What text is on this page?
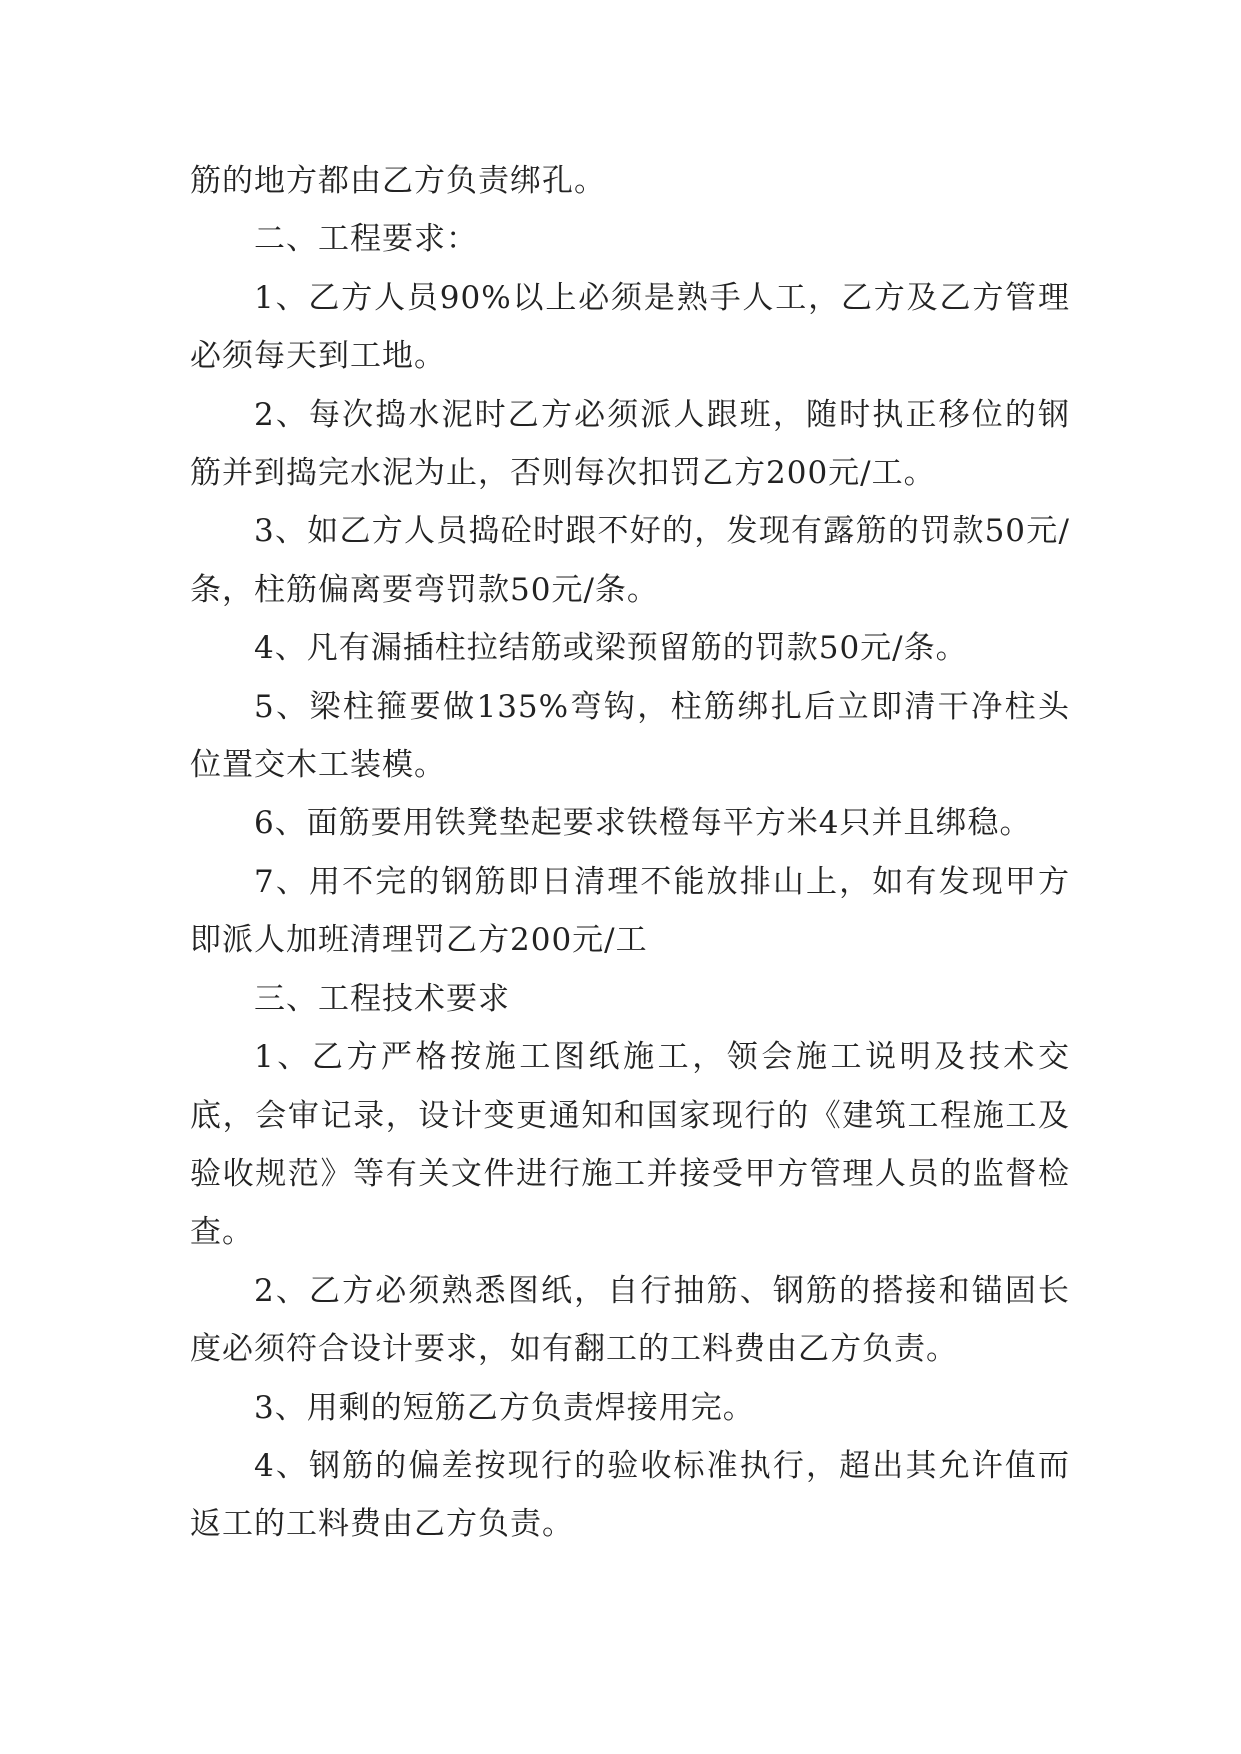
筋的地方都由乙方负责绑孔。

二、工程要求：

1、乙方人员90%以上必须是熟手人工，乙方及乙方管理必须每天到工地。

2、每次捣水泥时乙方必须派人跟班，随时执正移位的钢筋并到捣完水泥为止，否则每次扣罚乙方200元/工。

3、如乙方人员捣砼时跟不好的，发现有露筋的罚款50元/条，柱筋偏离要弯罚款50元/条。

4、凡有漏插柱拉结筋或梁预留筋的罚款50元/条。

5、梁柱箍要做135%弯钩，柱筋绑扎后立即清干净柱头位置交木工装模。

6、面筋要用铁凳垫起要求铁橙每平方米4只并且绑稳。

7、用不完的钢筋即日清理不能放排山上，如有发现甲方即派人加班清理罚乙方200元/工

三、工程技术要求

1、乙方严格按施工图纸施工，领会施工说明及技术交底，会审记录，设计变更通知和国家现行的《建筑工程施工及验收规范》等有关文件进行施工并接受甲方管理人员的监督检查。

2、乙方必须熟悉图纸，自行抽筋、钢筋的搭接和锚固长度必须符合设计要求，如有翻工的工料费由乙方负责。

3、用剩的短筋乙方负责焊接用完。

4、钢筋的偏差按现行的验收标准执行，超出其允许值而返工的工料费由乙方负责。
